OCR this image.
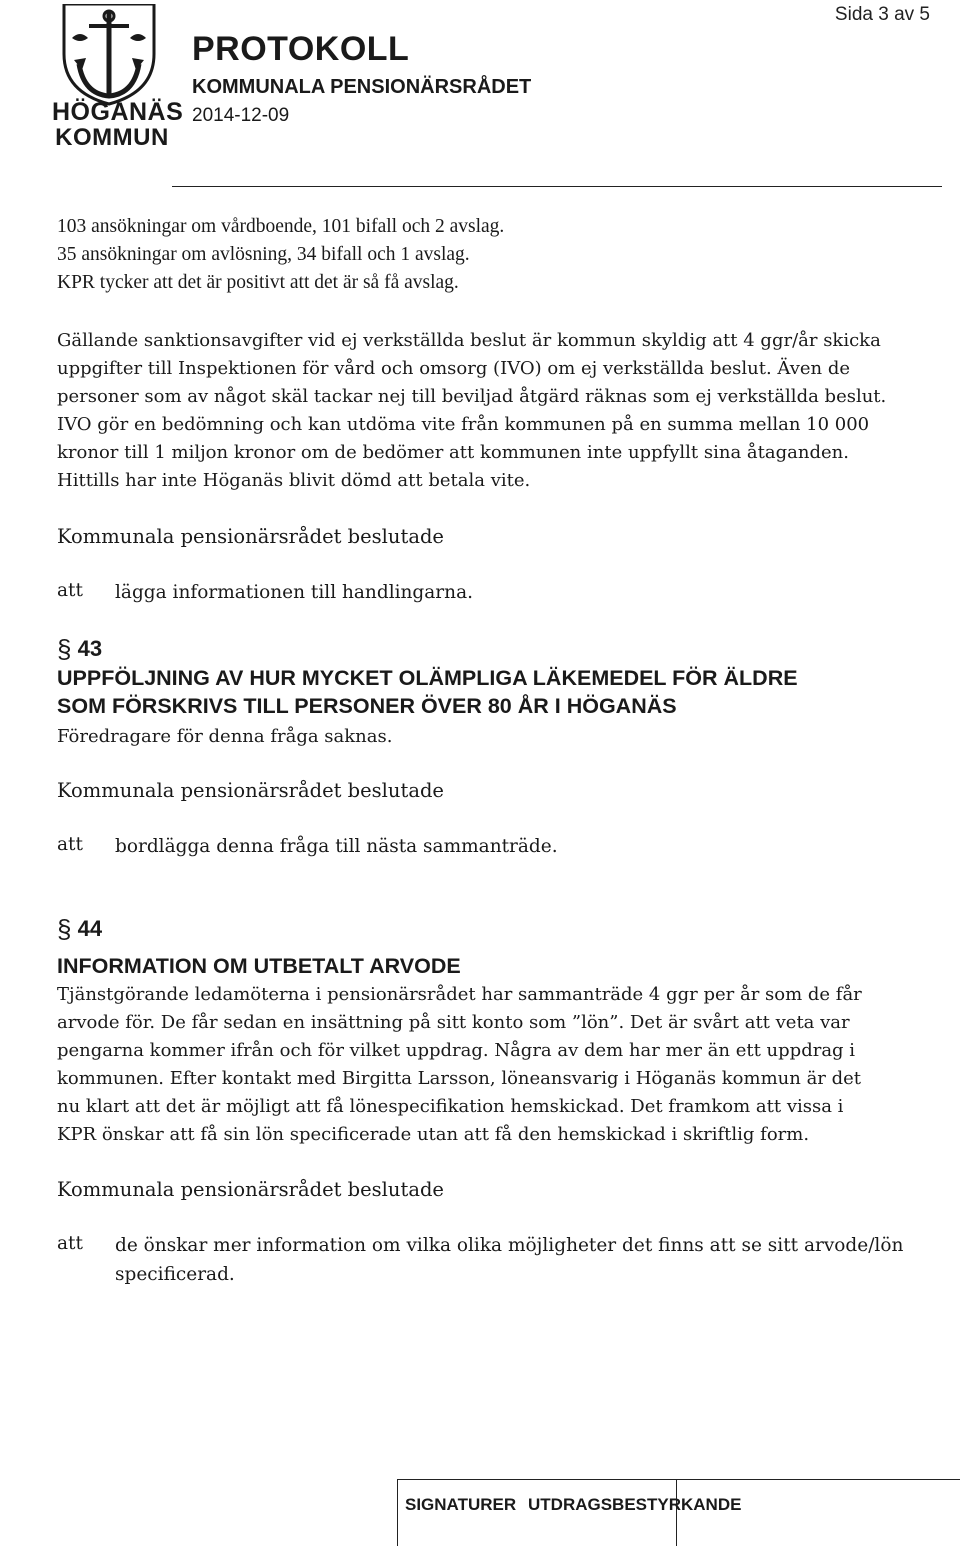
Sida 3 av 5
HÖGANÄS
KOMMUN
PROTOKOLL
KOMMUNALA PENSIONÄRSRÅDET
2014-12-09
103 ansökningar om vårdboende, 101 bifall och 2 avslag.
35 ansökningar om avlösning, 34 bifall och 1 avslag.
KPR tycker att det är positivt att det är så få avslag.
Gällande sanktionsavgifter vid ej verkställda beslut är kommun skyldig att 4 ggr/år skicka
uppgifter till Inspektionen för vård och omsorg (IVO) om ej verkställda beslut. Även de
personer som av något skäl tackar nej till beviljad åtgärd räknas som ej verkställda beslut.
IVO gör en bedömning och kan utdöma vite från kommunen på en summa mellan 10 000
kronor till 1 miljon kronor om de bedömer att kommunen inte uppfyllt sina åtaganden.
Hittills har inte Höganäs blivit dömd att betala vite.
Kommunala pensionärsrådet beslutade
att lägga informationen till handlingarna.
§ 43
UPPFÖLJNING AV HUR MYCKET OLÄMPLIGA LÄKEMEDEL FÖR ÄLDRE
SOM FÖRSKRIVS TILL PERSONER ÖVER 80 ÅR I HÖGANÄS
Föredragare för denna fråga saknas.
Kommunala pensionärsrådet beslutade
att bordlägga denna fråga till nästa sammanträde.
§ 44
INFORMATION OM UTBETALT ARVODE
Tjänstgörande ledamöterna i pensionärsrådet har sammanträde 4 ggr per år som de får
arvode för. De får sedan en insättning på sitt konto som ”lön”. Det är svårt att veta var
pengarna kommer ifrån och för vilket uppdrag. Några av dem har mer än ett uppdrag i
kommunen. Efter kontakt med Birgitta Larsson, löneansvarig i Höganäs kommun är det
nu klart att det är möjligt att få lönespecifikation hemskickad. Det framkom att vissa i
KPR önskar att få sin lön specificerade utan att få den hemskickad i skriftlig form.
Kommunala pensionärsrådet beslutade
att de önskar mer information om vilka olika möjligheter det finns att se sitt arvode/lön
specificerad.
SIGNATURER UTDRAGSBESTYRKANDE
